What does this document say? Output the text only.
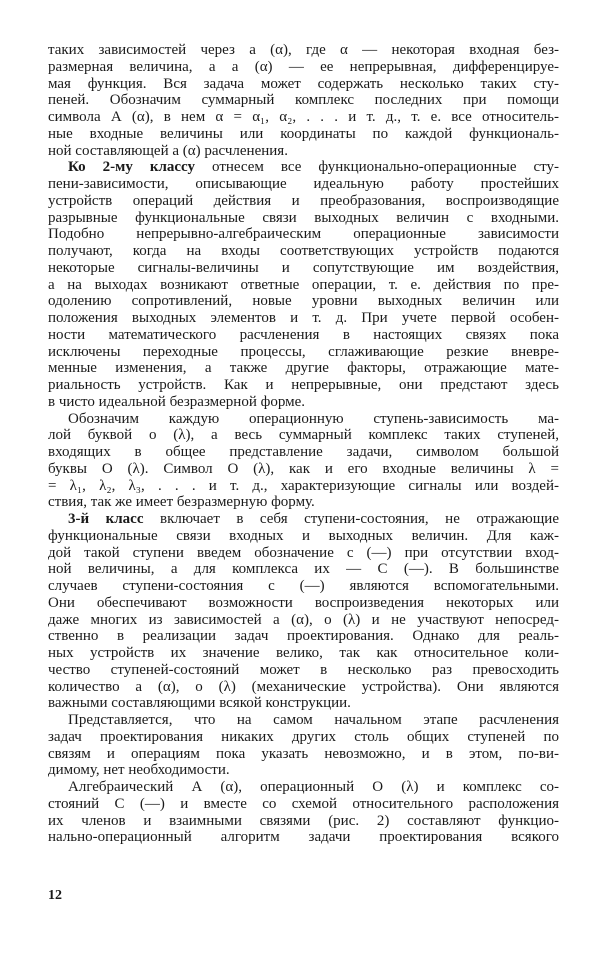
таких зависимостей через a (α), где α — некоторая входная без-
размерная величина, а a (α) — ее непрерывная, дифференцируе-
мая функция. Вся задача может содержать несколько таких сту-
пеней. Обозначим суммарный комплекс последних при помощи
символа А (α), в нем α = α₁, α₂, . . . и т. д., т. е. все относитель-
ные входные величины или координаты по каждой функциональ-
ной составляющей a (α) расчленения.
Ко 2-му классу отнесем все функционально-операционные сту-
пени-зависимости, описывающие идеальную работу простейших
устройств операций действия и преобразования, воспроизводящие
разрывные функциональные связи выходных величин с входными.
Подобно непрерывно-алгебраическим операционные зависимости
получают, когда на входы соответствующих устройств подаются
некоторые сигналы-величины и сопутствующие им воздействия,
а на выходах возникают ответные операции, т. е. действия по пре-
одолению сопротивлений, новые уровни выходных величин или
положения выходных элементов и т. д. При учете первой особен-
ности математического расчленения в настоящих связях пока
исключены переходные процессы, сглаживающие резкие вневре-
менные изменения, а также другие факторы, отражающие мате-
риальность устройств. Как и непрерывные, они предстают здесь
в чисто идеальной безразмерной форме.
Обозначим каждую операционную ступень-зависимость ма-
лой буквой о (λ), а весь суммарный комплекс таких ступеней,
входящих в общее представление задачи, символом большой
буквы О (λ). Символ О (λ), как и его входные величины λ =
= λ₁, λ₂, λ₃, . . . и т. д., характеризующие сигналы или воздей-
ствия, так же имеет безразмерную форму.
3-й класс включает в себя ступени-состояния, не отражающие
функциональные связи входных и выходных величин. Для каж-
дой такой ступени введем обозначение с (—) при отсутствии вход-
ной величины, а для комплекса их — С (—). В большинстве
случаев ступени-состояния с (—) являются вспомогательными.
Они обеспечивают возможности воспроизведения некоторых или
даже многих из зависимостей a (α), о (λ) и не участвуют непосред-
ственно в реализации задач проектирования. Однако для реаль-
ных устройств их значение велико, так как относительное коли-
чество ступеней-состояний может в несколько раз превосходить
количество a (α), о (λ) (механические устройства). Они являются
важными составляющими всякой конструкции.
Представляется, что на самом начальном этапе расчленения
задач проектирования никаких других столь общих ступеней по
связям и операциям пока указать невозможно, и в этом, по-ви-
димому, нет необходимости.
Алгебраический А (α), операционный О (λ) и комплекс со-
стояний С (—) и вместе со схемой относительного расположения
их членов и взаимными связями (рис. 2) составляют функцио-
нально-операционный алгоритм задачи проектирования всякого
12
